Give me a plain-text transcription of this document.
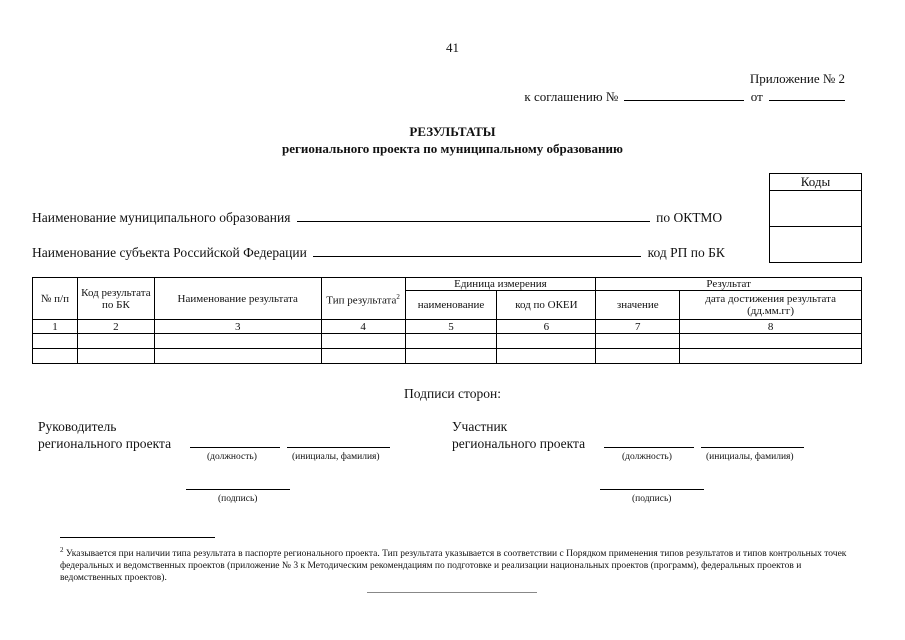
41
Приложение № 2
к соглашению №	от
РЕЗУЛЬТАТЫ
регионального проекта по муниципальному образованию
Коды

Наименование муниципального образования	по ОКТМО
Наименование субъекта Российской Федерации	код РП по БК
№ п/п	Код результата по БК	Наименование результата	Тип результата$^2$	Единица измерения		Результат	
				наименование	код по ОКЕИ	значение	дата достижения результата (дд.мм.гг)
1	2	3	4	5	6	7	8

Подписи сторон:
Руководитель
регионального проекта
(должность)	(инициалы, фамилия)
(подпись)
Участник
регионального проекта
(должность)	(инициалы, фамилия)
(подпись)
$^2$ Указывается при наличии типа результата в паспорте регионального проекта. Тип результата указывается в соответствии с Порядком применения типов результатов и типов контрольных точек федеральных и ведомственных проектов (приложение № 3 к Методическим рекомендациям по подготовке и реализации национальных проектов (программ), федеральных проектов и ведомственных проектов).
